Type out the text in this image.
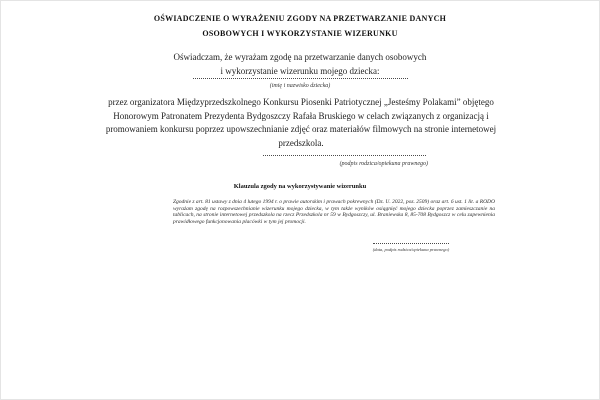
OŚWIADCZENIE O WYRAŻENIU ZGODY NA PRZETWARZANIE DANYCH
OSOBOWYCH I WYKORZYSTANIE WIZERUNKU

Oświadczam, że wyrażam zgodę na przetwarzanie danych osobowych
i wykorzystanie wizerunku mojego dziecka:

(imię i nazwisko dziecka)

przez organizatora Międzyprzedszkolnego Konkursu Piosenki Patriotycznej „Jesteśmy Polakami” objętego Honorowym Patronatem Prezydenta Bydgoszczy Rafała Bruskiego w celach związanych z organizacją i promowaniem konkursu poprzez upowszechnianie zdjęć oraz materiałów filmowych na stronie internetowej przedszkola.

(podpis rodzica/opiekuna prawnego)
Klauzula zgody na wykorzystywanie wizerunku

Zgodnie z art. 81 ustawy z dnia 4 lutego 1994 r. o prawie autorskim i prawach pokrewnych (Dz. U. 2022, poz. 2509) oraz art. 6 ust. 1 lit. a RODO wyrażam zgodę na rozpowszechnianie wizerunku mojego dziecka, w tym także wyników osiągnięć mojego dziecka poprzez zamieszczanie na tablicach, na stronie internetowej przedszkola na rzecz Przedszkola nr 59 w Bydgoszczy, ul. Braniewska 8, 85-708 Bydgoszcz w celu zapewnienia prawidłowego funkcjonowania placówki w tym jej promocji.

(data, podpis rodzica/opiekuna prawnego)
